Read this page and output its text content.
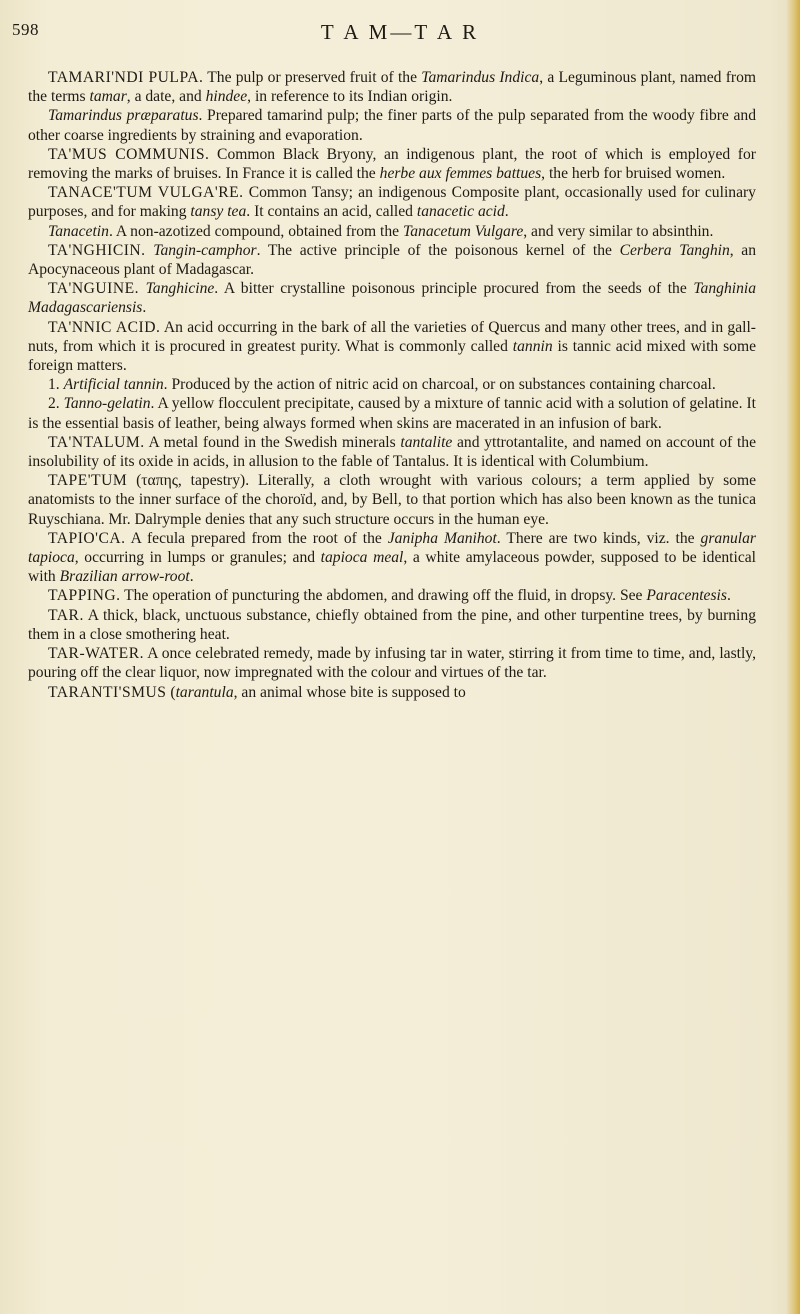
598	T A M—T A R

TAMARI'NDI PULPA. The pulp or preserved fruit of the Tamarindus Indica, a Leguminous plant, named from the terms tamar, a date, and hindee, in reference to its Indian origin.

Tamarindus præparatus. Prepared tamarind pulp; the finer parts of the pulp separated from the woody fibre and other coarse ingredients by straining and evaporation.

TA'MUS COMMUNIS. Common Black Bryony, an indigenous plant, the root of which is employed for removing the marks of bruises. In France it is called the herbe aux femmes battues, the herb for bruised women.

TANACE'TUM VULGA'RE. Common Tansy; an indigenous Composite plant, occasionally used for culinary purposes, and for making tansy tea. It contains an acid, called tanacetic acid.

Tanacetin. A non-azotized compound, obtained from the Tanacetum Vulgare, and very similar to absinthin.

TA'NGHICIN. Tangin-camphor. The active principle of the poisonous kernel of the Cerbera Tanghin, an Apocynaceous plant of Madagascar.

TA'NGUINE. Tanghicine. A bitter crystalline poisonous principle procured from the seeds of the Tanghinia Madagascariensis.

TA'NNIC ACID. An acid occurring in the bark of all the varieties of Quercus and many other trees, and in gall-nuts, from which it is procured in greatest purity. What is commonly called tannin is tannic acid mixed with some foreign matters.

1. Artificial tannin. Produced by the action of nitric acid on charcoal, or on substances containing charcoal.

2. Tanno-gelatin. A yellow flocculent precipitate, caused by a mixture of tannic acid with a solution of gelatine. It is the essential basis of leather, being always formed when skins are macerated in an infusion of bark.

TA'NTALUM. A metal found in the Swedish minerals tantalite and yttrotantalite, and named on account of the insolubility of its oxide in acids, in allusion to the fable of Tantalus. It is identical with Columbium.

TAPE'TUM (ταπης, tapestry). Literally, a cloth wrought with various colours; a term applied by some anatomists to the inner surface of the choroïd, and, by Bell, to that portion which has also been known as the tunica Ruyschiana. Mr. Dalrymple denies that any such structure occurs in the human eye.

TAPIO'CA. A fecula prepared from the root of the Janipha Manihot. There are two kinds, viz. the granular tapioca, occurring in lumps or granules; and tapioca meal, a white amylaceous powder, supposed to be identical with Brazilian arrow-root.

TAPPING. The operation of puncturing the abdomen, and drawing off the fluid, in dropsy. See Paracentesis.

TAR. A thick, black, unctuous substance, chiefly obtained from the pine, and other turpentine trees, by burning them in a close smothering heat.

TAR-WATER. A once celebrated remedy, made by infusing tar in water, stirring it from time to time, and, lastly, pouring off the clear liquor, now impregnated with the colour and virtues of the tar.

TARANTI'SMUS (tarantula, an animal whose bite is supposed to
